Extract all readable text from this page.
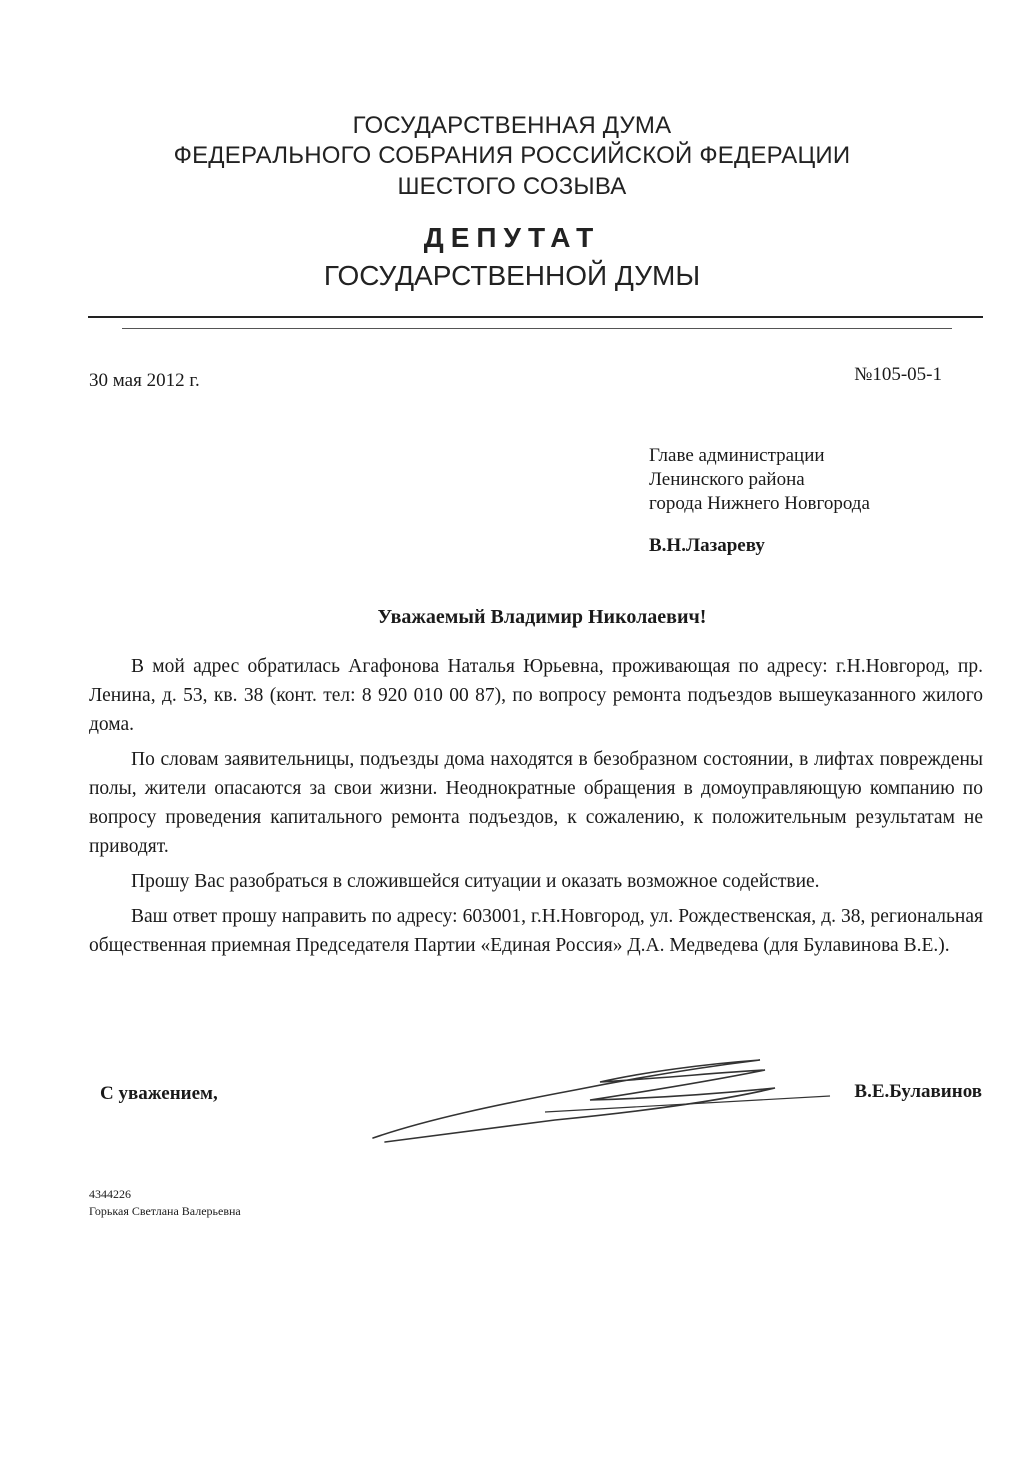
ГОСУДАРСТВЕННАЯ ДУМА
ФЕДЕРАЛЬНОГО СОБРАНИЯ РОССИЙСКОЙ ФЕДЕРАЦИИ
ШЕСТОГО СОЗЫВА
ДЕПУТАТ
ГОСУДАРСТВЕННОЙ ДУМЫ
30 мая 2012 г.	№105-05-1
Главе администрации
Ленинского района
города Нижнего Новгорода
В.Н.Лазареву
Уважаемый Владимир Николаевич!

В мой адрес обратилась Агафонова Наталья Юрьевна, проживающая по адресу: г.Н.Новгород, пр. Ленина, д. 53, кв. 38 (конт. тел: 8 920 010 00 87), по вопросу ремонта подъездов вышеуказанного жилого дома.

По словам заявительницы, подъезды дома находятся в безобразном состоянии, в лифтах повреждены полы, жители опасаются за свои жизни. Неоднократные обращения в домоуправляющую компанию по вопросу проведения капитального ремонта подъездов, к сожалению, к положительным результатам не приводят.

Прошу Вас разобраться в сложившейся ситуации и оказать возможное содействие.

Ваш ответ прошу направить по адресу: 603001, г.Н.Новгород, ул. Рождественская, д. 38, региональная общественная приемная Председателя Партии «Единая Россия» Д.А. Медведева (для Булавинова В.Е.).

С уважением,	В.Е.Булавинов
4344226
Горькая Светлана Валерьевна
